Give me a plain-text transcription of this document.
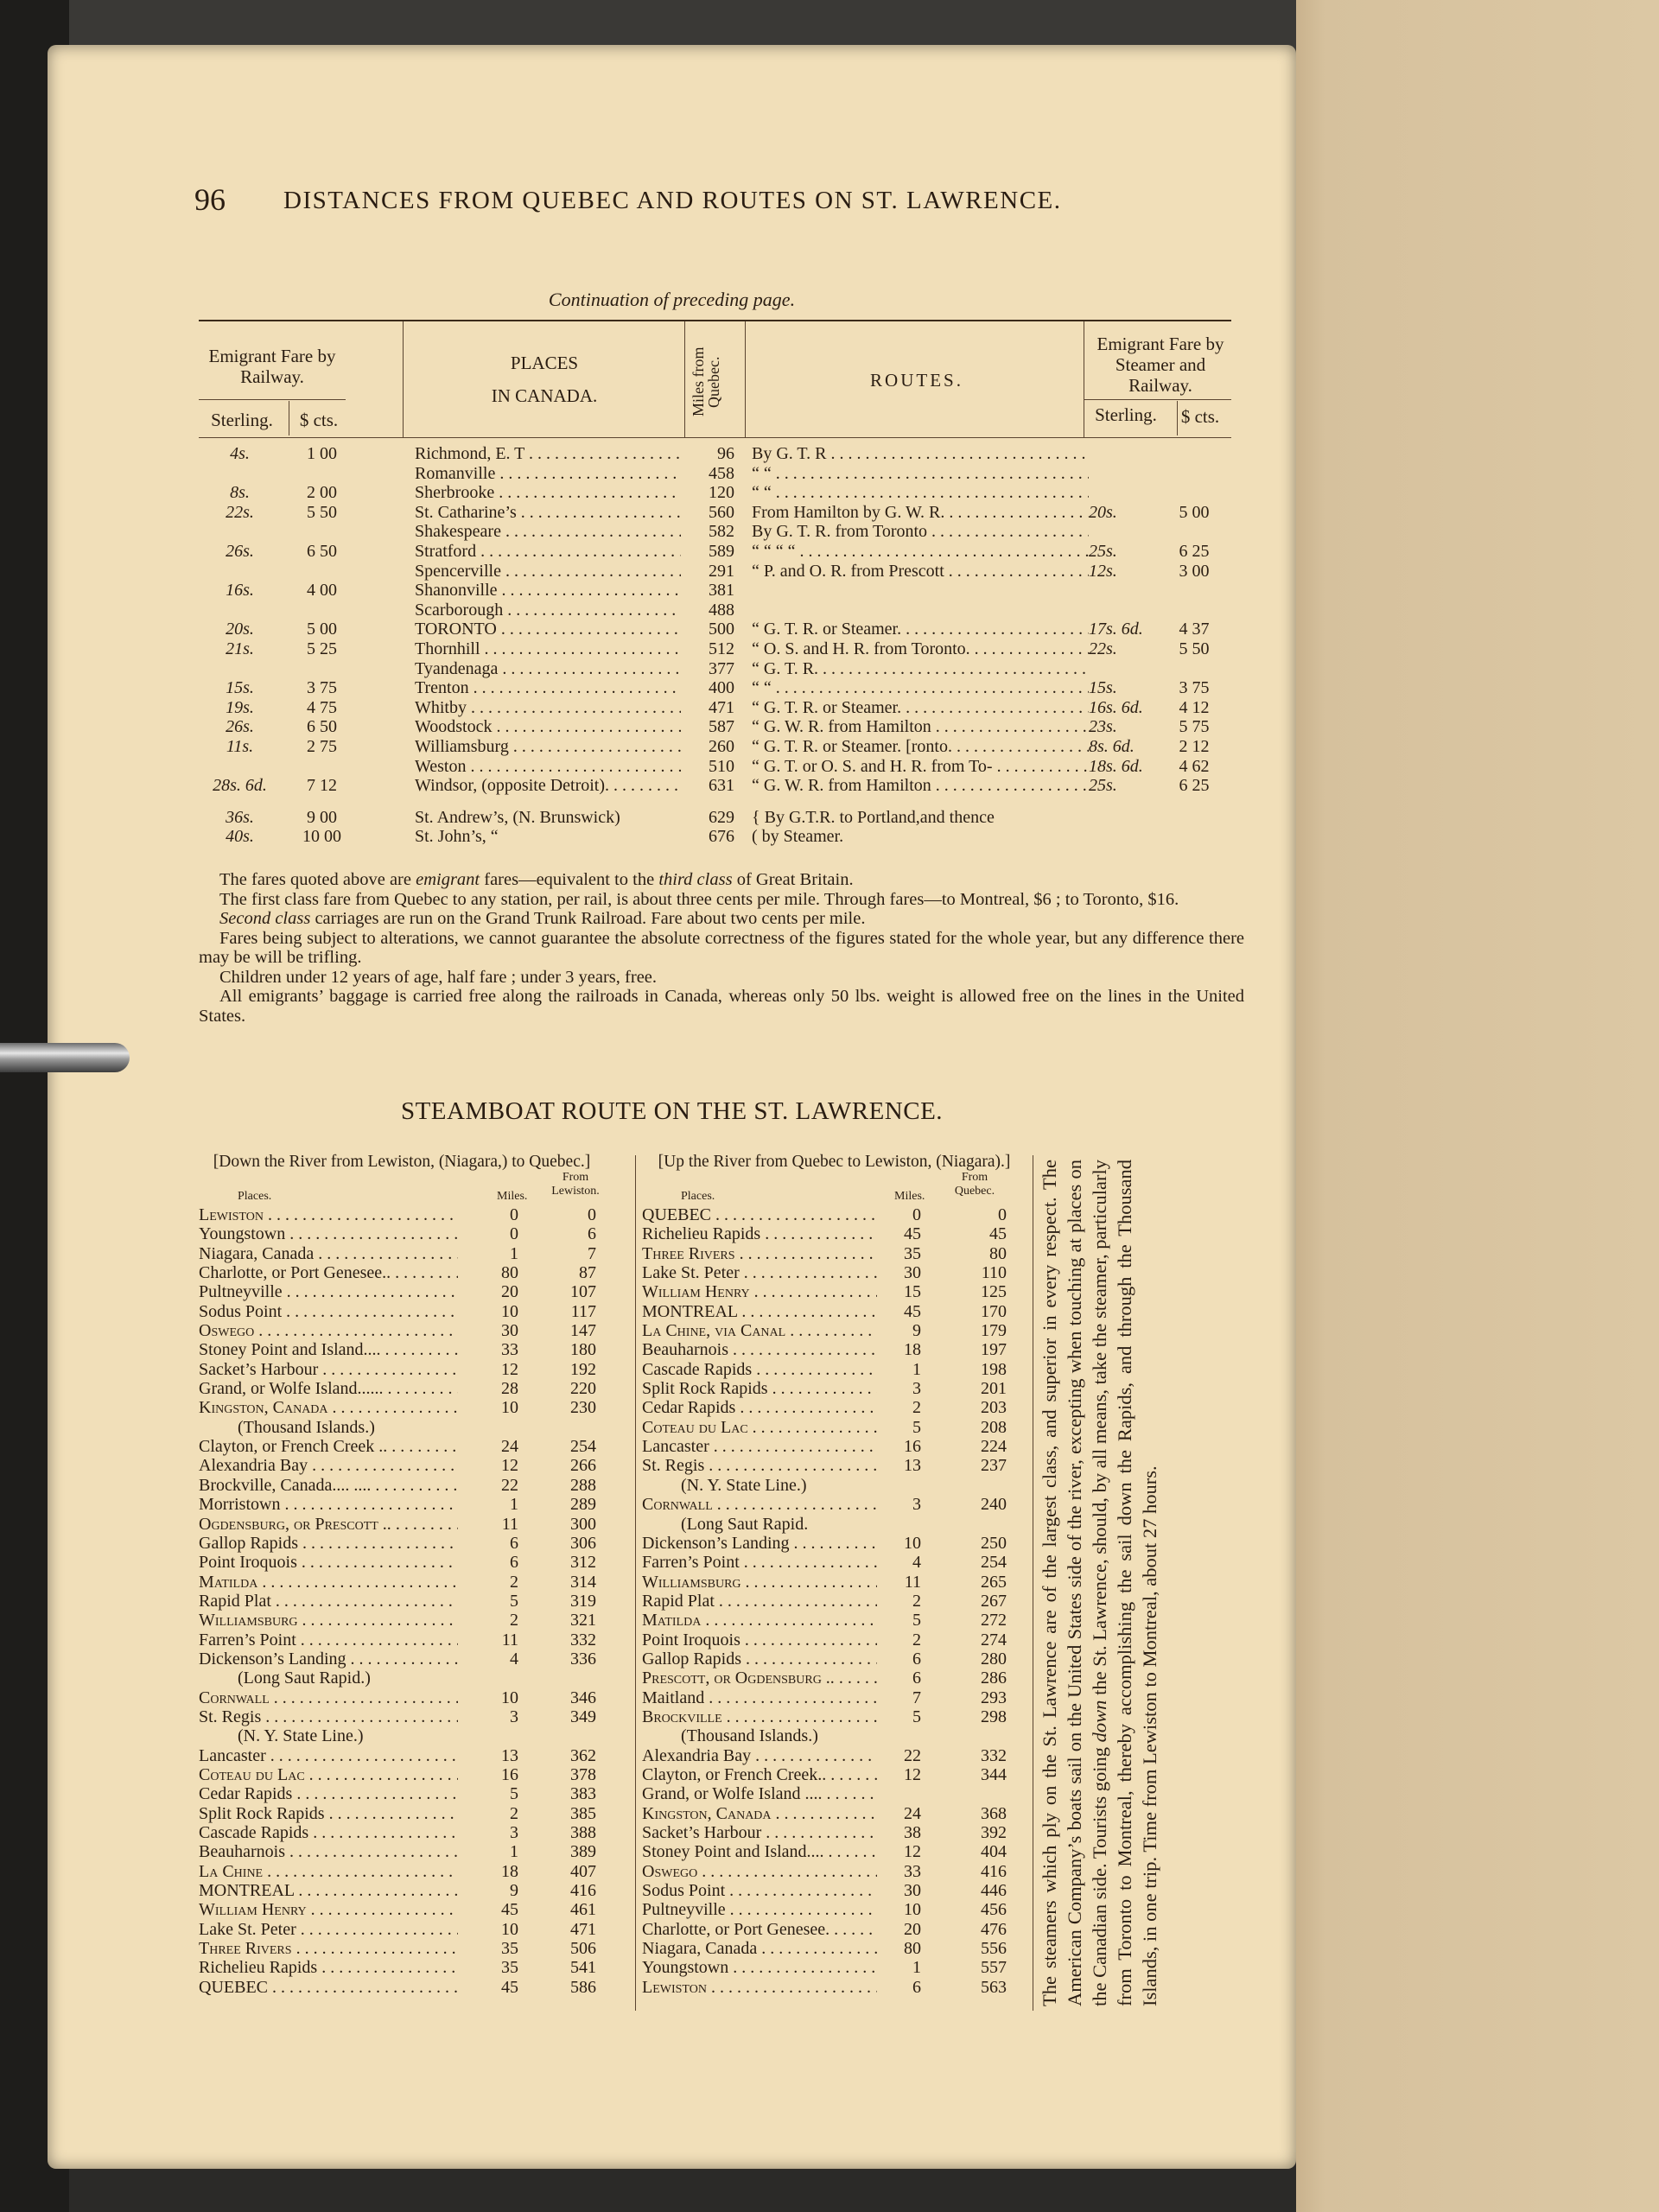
96 DISTANCES FROM QUEBEC AND ROUTES ON ST. LAWRENCE.
Continuation of preceding page.
Emigrant Fare by Railway.
Sterling.	$ cts.
PLACES
IN CANADA.	Miles from Quebec.	ROUTES.
Emigrant Fare by Steamer and Railway.
Sterling.	$ cts.
4s.	1 00	Richmond, E. T . . .	96 By G. T. R . . .
Romanville . . .	458 “ “ . . .
8s.	2 00	Sherbrooke . . .	120 “ “ . . .
22s.	5 50	St. Catharine’s . . .	560 From Hamilton by G. W. R. . . .	20s.	5 00
Shakespeare . . .	582 By G. T. R. from Toronto . . .
26s.	6 50	Stratford . . .	589 “ “ “ “ . . .	25s.	6 25
Spencerville . . .	291 “ P. and O. R. from Prescott . . .	12s.	3 00
16s.	4 00	Shanonville . . .	381
Scarborough . . .	488
20s.	5 00	TORONTO . . .	500 “ G. T. R. or Steamer. . . .	17s. 6d.	4 37
21s.	5 25	Thornhill . . .	512 “ O. S. and H. R. from Toronto. . . . .	22s.	5 50
Tyandenaga . . .	377 “ G. T. R. . . .
15s.	3 75	Trenton . . .	400 “ “ . . .	15s.	3 75
19s.	4 75	Whitby . . .	471 “ G. T. R. or Steamer. . . .	16s. 6d.	4 12
26s.	6 50	Woodstock . . .	587 “ G. W. R. from Hamilton . . .	23s.	5 75
11s.	2 75	Williamsburg . . .	260 “ G. T. R. or Steamer. [ronto. . . .	8s. 6d.	2 12
Weston . . .	510 “ G. T. or O. S. and H. R. from To- . . .	18s. 6d.	4 62
28s. 6d.	7 12	Windsor, (opposite Detroit). . . . .	631 “ G. W. R. from Hamilton . . .	25s.	6 25
36s.	9 00	St. Andrew’s, (N. Brunswick)	629 { By G.T.R. to Portland,and thence
40s.	10 00	St. John’s, “	676 ( by Steamer.

The fares quoted above are emigrant fares—equivalent to the third class of Great Britain.

The first class fare from Quebec to any station, per rail, is about three cents per mile. Through fares—to Montreal, $6 ; to Toronto, $16.

Second class carriages are run on the Grand Trunk Railroad. Fare about two cents per mile.

Fares being subject to alterations, we cannot guarantee the absolute correctness of the figures stated for the whole year, but any difference there may be will be trifling.

Children under 12 years of age, half fare ; under 3 years, free.

All emigrants’ baggage is carried free along the railroads in Canada, whereas only 50 lbs. weight is allowed free on the lines in the United States.

STEAMBOAT ROUTE ON THE ST. LAWRENCE.
[Down the River from Lewiston, (Niagara,) to Quebec.]
Places.	Miles.
From Lewiston.
Lewiston . . .	0	0
Youngstown . . .	0	6
Niagara, Canada . . .	1	7
Charlotte, or Port Genesee.. . . .	80	87
Pultneyville . . .	20	107
Sodus Point . . .	10	117
Oswego . . .	30	147
Stoney Point and Island.... . . .	33	180
Sacket’s Harbour . . .	12	192
Grand, or Wolfe Island...... . . .	28	220
Kingston, Canada . . .	10	230
(Thousand Islands.)
Clayton, or French Creek .. . . .	24	254
Alexandria Bay . . .	12	266
Brockville, Canada.... .... . . .	22	288
Morristown . . .	1	289
Ogdensburg, or Prescott .. . . .	11	300
Gallop Rapids . . .	6	306
Point Iroquois . . .	6	312
Matilda . . .	2	314
Rapid Plat . . .	5	319
Williamsburg . . .	2	321
Farren’s Point . . .	11	332
Dickenson’s Landing . . .	4	336
(Long Saut Rapid.)
Cornwall . . .	10	346
St. Regis . . .	3	349
(N. Y. State Line.)
Lancaster . . .	13	362
Coteau du Lac . . .	16	378
Cedar Rapids . . .	5	383
Split Rock Rapids . . .	2	385
Cascade Rapids . . .	3	388
Beauharnois . . .	1	389
La Chine . . .	18	407
MONTREAL . . .	9	416
William Henry . . .	45	461
Lake St. Peter . . .	10	471
Three Rivers . . .	35	506
Richelieu Rapids . . .	35	541
QUEBEC . . .	45	586
[Up the River from Quebec to Lewiston, (Niagara).]
Places.	Miles.
From Quebec.
QUEBEC . . .	0	0
Richelieu Rapids . . .	45	45
Three Rivers . . .	35	80
Lake St. Peter . . .	30	110
William Henry . . .	15	125
MONTREAL . . .	45	170
La Chine, via Canal . . .	9	179
Beauharnois . . .	18	197
Cascade Rapids . . .	1	198
Split Rock Rapids . . .	3	201
Cedar Rapids . . .	2	203
Coteau du Lac . . .	5	208
Lancaster . . .	16	224
St. Regis . . .	13	237
(N. Y. State Line.)
Cornwall . . .	3	240
(Long Saut Rapid.
Dickenson’s Landing . . .	10	250
Farren’s Point . . .	4	254
Williamsburg . . .	11	265
Rapid Plat . . .	2	267
Matilda . . .	5	272
Point Iroquois . . .	2	274
Gallop Rapids . . .	6	280
Prescott, or Ogdensburg .. . . .	6	286
Maitland . . .	7	293
Brockville . . .	5	298
(Thousand Islands.)
Alexandria Bay . . .	22	332
Clayton, or French Creek.. . . .	12	344
Grand, or Wolfe Island .... . . .
Kingston, Canada . . .	24	368
Sacket’s Harbour . . .	38	392
Stoney Point and Island.... . . .	12	404
Oswego . . .	33	416
Sodus Point . . .	30	446
Pultneyville . . .	10	456
Charlotte, or Port Genesee. . . .	20	476
Niagara, Canada . . .	80	556
Youngstown . . .	1	557
Lewiston . . .	6	563 The steamers which ply on the St. Lawrence are of the largest class, and superior in every respect. The American Company’s boats sail on the United States side of the river, excepting when touching at places on the Canadian side. Tourists going down the St. Lawrence, should, by all means, take the steamer, particularly from Toronto to Montreal, thereby accomplishing the sail down the Rapids, and through the Thousand Islands, in one trip. Time from Lewiston to Montreal, about 27 hours.
